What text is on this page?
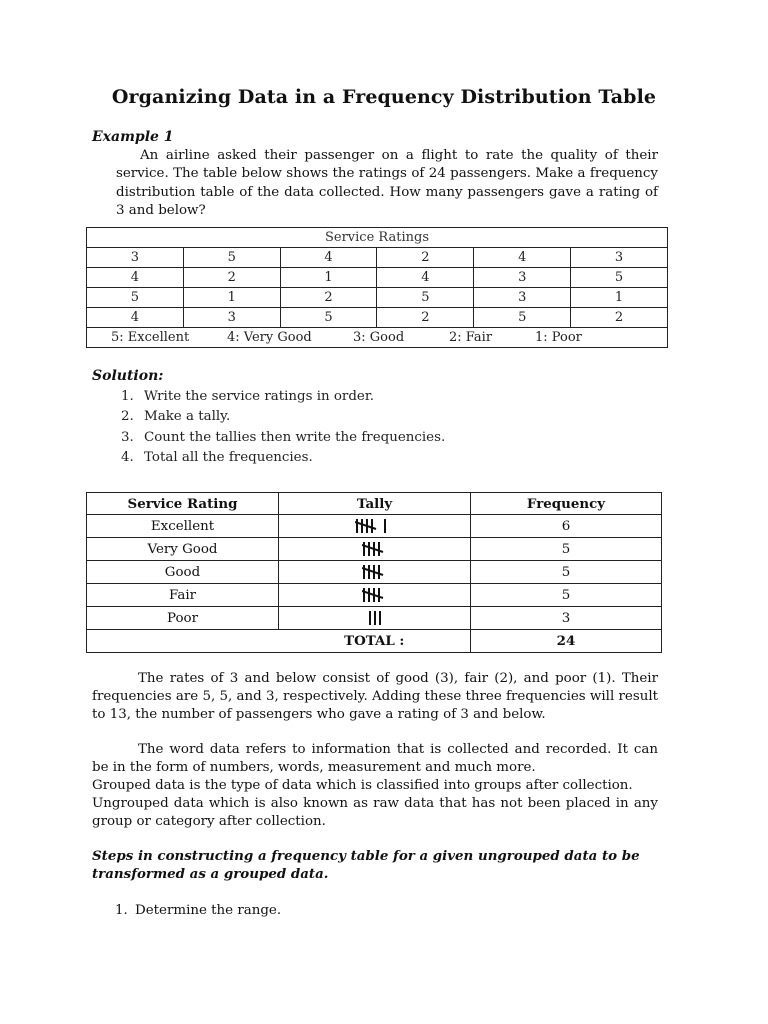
Organizing Data in a Frequency Distribution Table
Example 1

An airline asked their passenger on a flight to rate the quality of their service. The table below shows the ratings of 24 passengers. Make a frequency distribution table of the data collected. How many passengers gave a rating of 3 and below?

Service Ratings					
3	5	4	2	4	3
4	2	1	4	3	5
5	1	2	5	3	1
4	3	5	2	5	2
5: Excellent 4: Very Good 3: Good 2: Fair 1: Poor					
Solution:
1. Write the service ratings in order.
2. Make a tally.
3. Count the tallies then write the frequencies.
4. Total all the frequencies.
Service Rating	Tally	Frequency
Excellent		6
Very Good		5
Good		5
Fair		5
Poor		3
	TOTAL :	24

The rates of 3 and below consist of good (3), fair (2), and poor (1). Their frequencies are 5, 5, and 3, respectively. Adding these three frequencies will result to 13, the number of passengers who gave a rating of 3 and below.

The word data refers to information that is collected and recorded. It can be in the form of numbers, words, measurement and much more.
Grouped data is the type of data which is classified into groups after collection.
Ungrouped data which is also known as raw data that has not been placed in any group or category after collection.

Steps in constructing a frequency table for a given ungrouped data to be transformed as a grouped data.

1. Determine the range.
